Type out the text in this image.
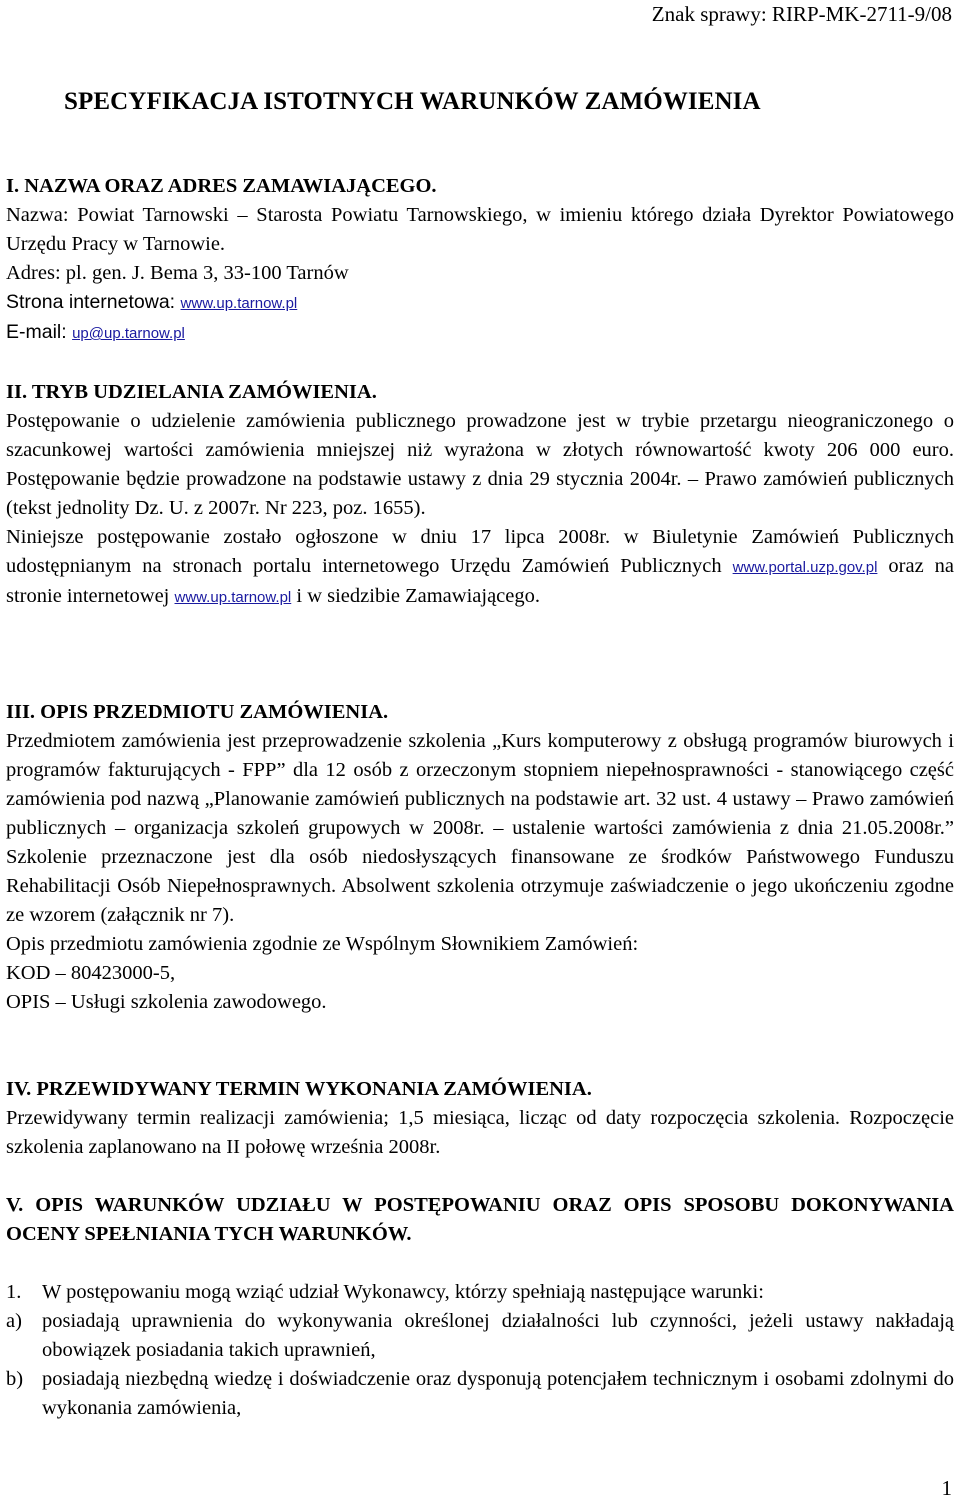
Znak sprawy: RIRP-MK-2711-9/08
SPECYFIKACJA ISTOTNYCH WARUNKÓW ZAMÓWIENIA
I. NAZWA ORAZ ADRES ZAMAWIAJĄCEGO.
Nazwa: Powiat Tarnowski – Starosta Powiatu Tarnowskiego, w imieniu którego działa Dyrektor Powiatowego Urzędu Pracy w Tarnowie.
Adres: pl. gen. J. Bema 3, 33-100 Tarnów
Strona internetowa: www.up.tarnow.pl
E-mail: up@up.tarnow.pl
II. TRYB UDZIELANIA ZAMÓWIENIA.
Postępowanie o udzielenie zamówienia publicznego prowadzone jest w trybie przetargu nieograniczonego o szacunkowej wartości zamówienia mniejszej niż wyrażona w złotych równowartość kwoty 206 000 euro. Postępowanie będzie prowadzone na podstawie ustawy z dnia 29 stycznia 2004r. – Prawo zamówień publicznych (tekst jednolity Dz. U. z 2007r. Nr 223, poz. 1655).
Niniejsze postępowanie zostało ogłoszone w dniu 17 lipca 2008r. w Biuletynie Zamówień Publicznych udostępnianym na stronach portalu internetowego Urzędu Zamówień Publicznych www.portal.uzp.gov.pl oraz na stronie internetowej www.up.tarnow.pl i w siedzibie Zamawiającego.
III. OPIS PRZEDMIOTU ZAMÓWIENIA.
Przedmiotem zamówienia jest przeprowadzenie szkolenia „Kurs komputerowy z obsługą programów biurowych i programów fakturujących - FPP” dla 12 osób z orzeczonym stopniem niepełnosprawności - stanowiącego część zamówienia pod nazwą „Planowanie zamówień publicznych na podstawie art. 32 ust. 4 ustawy – Prawo zamówień publicznych – organizacja szkoleń grupowych w 2008r. – ustalenie wartości zamówienia z dnia 21.05.2008r.” Szkolenie przeznaczone jest dla osób niedosłyszących finansowane ze środków Państwowego Funduszu Rehabilitacji Osób Niepełnosprawnych. Absolwent szkolenia otrzymuje zaświadczenie o jego ukończeniu zgodne ze wzorem (załącznik nr 7).
Opis przedmiotu zamówienia zgodnie ze Wspólnym Słownikiem Zamówień:
KOD – 80423000-5,
OPIS – Usługi szkolenia zawodowego.
IV. PRZEWIDYWANY TERMIN WYKONANIA ZAMÓWIENIA.
Przewidywany termin realizacji zamówienia; 1,5 miesiąca, licząc od daty rozpoczęcia szkolenia. Rozpoczęcie szkolenia zaplanowano na II połowę września 2008r.
V. OPIS WARUNKÓW UDZIAŁU W POSTĘPOWANIU ORAZ OPIS SPOSOBU DOKONYWANIA OCENY SPEŁNIANIA TYCH WARUNKÓW.
1.	W postępowaniu mogą wziąć udział Wykonawcy, którzy spełniają następujące warunki:
a) posiadają uprawnienia do wykonywania określonej działalności lub czynności, jeżeli ustawy nakładają obowiązek posiadania takich uprawnień,
b) posiadają niezbędną wiedzę i doświadczenie oraz dysponują potencjałem technicznym i osobami zdolnymi do wykonania zamówienia,
1
